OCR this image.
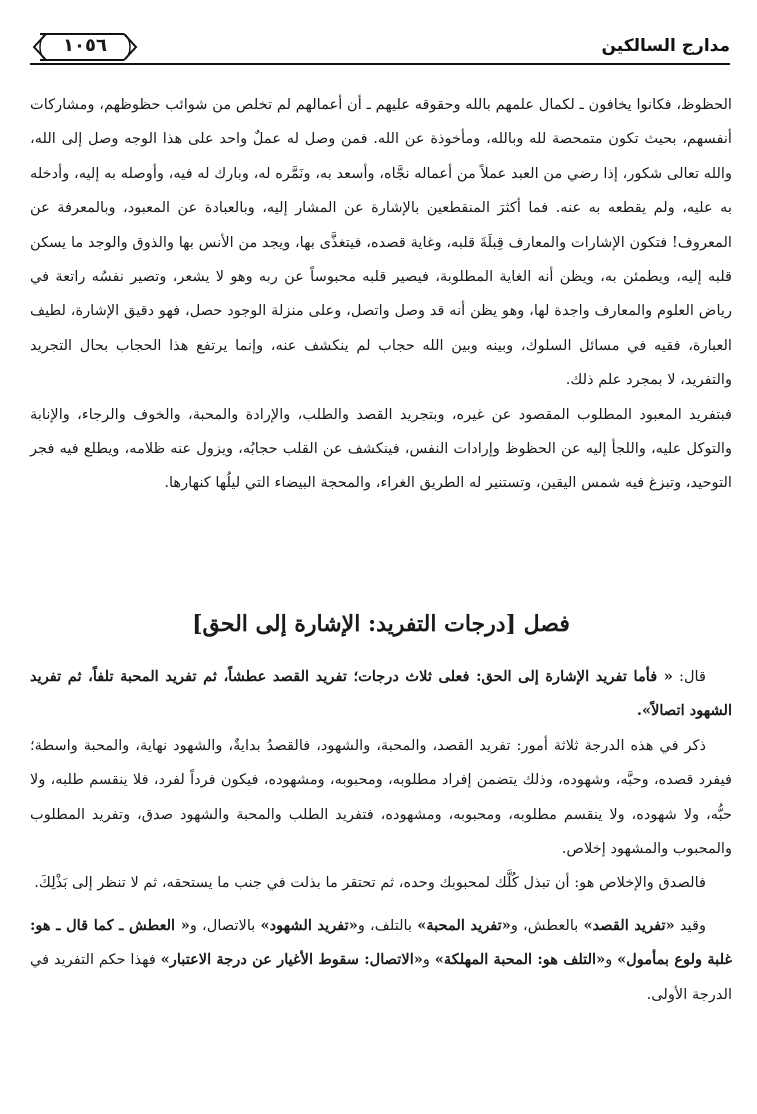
مدارج السالكين
١٠٥٦

الحظوظ، فكانوا يخافون ـ لكمال علمهم بالله وحقوقه عليهم ـ أن أعمالهم لم تخلص من شوائب حظوظهم، ومشاركات أنفسهم، بحيث تكون متمحصة لله وبالله، ومأخوذة عن الله. فمن وصل له عملٌ واحد على هذا الوجه وصل إلى الله، والله تعالى شكور، إذا رضي من العبد عملاً من أعماله نجَّاه، وأسعد به، ونَمَّره له، وبارك له فيه، وأوصله به إليه، وأدخله به عليه، ولم يقطعه به عنه. فما أكثرَ المنقطعين بالإشارة عن المشار إليه، وبالعبادة عن المعبود، وبالمعرفة عن المعروف! فتكون الإشارات والمعارف قِبلَةَ قلبه، وغاية قصده، فيتغذَّى بها، ويجد من الأنس بها والذوق والوجد ما يسكن قلبه إليه، ويطمئن به، ويظن أنه الغاية المطلوبة، فيصير قلبه محبوساً عن ربه وهو لا يشعر، وتصير نفسُه راتعة في رياض العلوم والمعارف واجدة لها، وهو يظن أنه قد وصل واتصل، وعلى منزلة الوجود حصل، فهو دقيق الإشارة، لطيف العبارة، فقيه في مسائل السلوك، وبينه وبين الله حجاب لم ينكشف عنه، وإنما يرتفع هذا الحجاب بحال التجريد والتفريد، لا بمجرد علم ذلك.

فبتفريد المعبود المطلوب المقصود عن غيره، وبتجريد القصد والطلب، والإرادة والمحبة، والخوف والرجاء، والإنابة والتوكل عليه، واللجأ إليه عن الحظوظ وإرادات النفس، فينكشف عن القلب حجابُه، ويزول عنه ظلامه، ويطلع فيه فجر التوحيد، وتبزغ فيه شمس اليقين، وتستنير له الطريق الغراء، والمحجة البيضاء التي ليلُها كنهارها.

فصل [درجات التفريد: الإشارة إلى الحق]

قال: « فأما تفريد الإشارة إلى الحق: فعلى ثلاث درجات؛ تفريد القصد عطشاً، ثم تفريد المحبة تلفاً، ثم تفريد الشهود اتصالاً».

ذكر في هذه الدرجة ثلاثة أمور: تفريد القصد، والمحبة، والشهود، فالقصدُ بدايةٌ، والشهود نهاية، والمحبة واسطة؛ فيفرد قصده، وحبَّه، وشهوده، وذلك يتضمن إفراد مطلوبه، ومحبوبه، ومشهوده، فيكون فرداً لفرد، فلا ينقسم طلبه، ولا حبُّه، ولا شهوده، ولا ينقسم مطلوبه، ومحبوبه، ومشهوده، فتفريد الطلب والمحبة والشهود صدق، وتفريد المطلوب والمحبوب والمشهود إخلاص.

فالصدق والإخلاص هو: أن تبذل كُلَّك لمحبوبك وحده، ثم تحتقر ما بذلت في جنب ما يستحقه، ثم لا تنظر إلى بَذْلِكَ.

وقيد «تفريد القصد» بالعطش، و«تفريد المحبة» بالتلف، و«تفريد الشهود» بالاتصال، و« العطش ـ كما قال ـ هو: غلبة ولوع بمأمول» و«التلف هو: المحبة المهلكة» و«الاتصال: سقوط الأغيار عن درجة الاعتبار» فهذا حكم التفريد في الدرجة الأولى.
